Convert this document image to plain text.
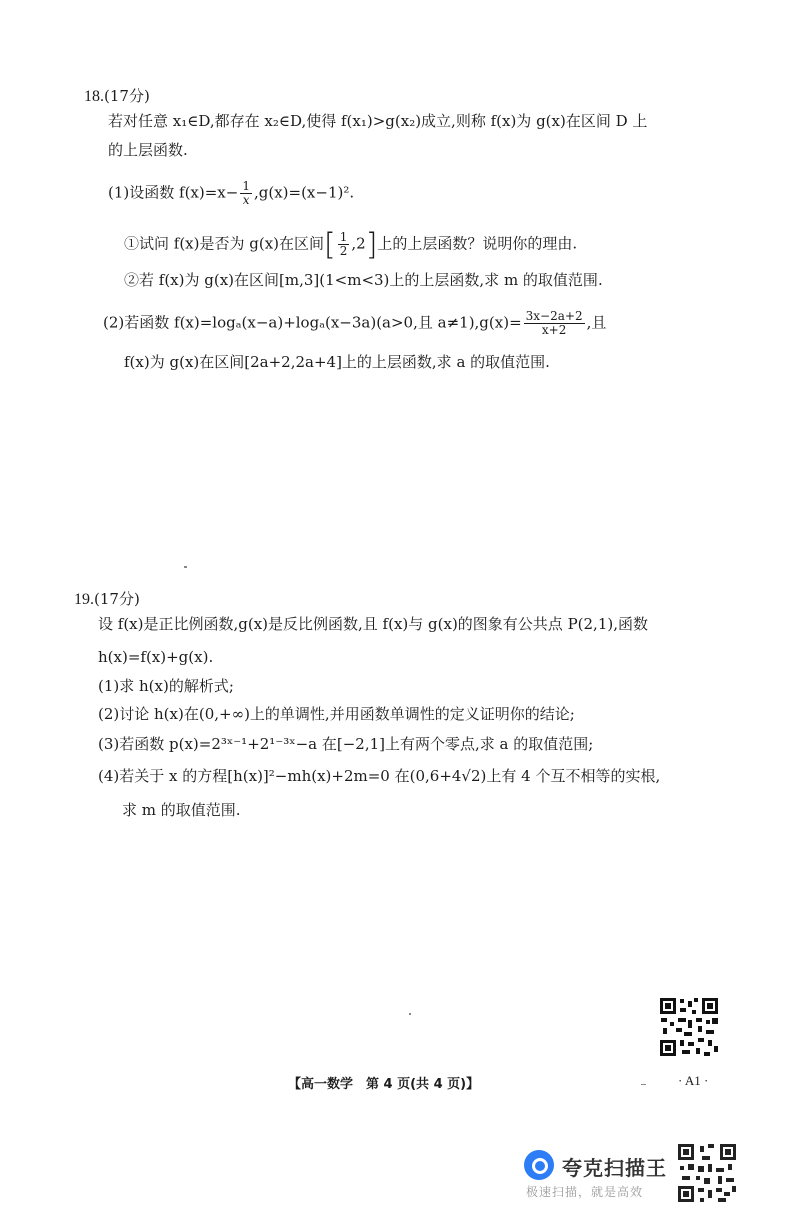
18.(17分)
若对任意 x₁∈D,都存在 x₂∈D,使得 f(x₁)>g(x₂)成立,则称 f(x)为 g(x)在区间 D 上
的上层函数.
(1)设函数 $f(x)=x- \frac{1}{x} ,g(x)=(x-1)^2$.
①试问 f(x)是否为 g(x)在区间[ $\frac{1}{2} ,2$]上的上层函数？说明你的理由.
②若 f(x)为 g(x)在区间[m,3](1<m<3)上的上层函数,求 m 的取值范围.
(2)若函数 f(x)=logₐ(x−a)+logₐ(x−3a)(a>0,且 $a\ne 1),g(x)= \frac{3x-2a+2}{x+2}$ ,且
f(x)为 g(x)在区间[2a+2,2a+4]上的上层函数,求 a 的取值范围.
19.(17分)
设 f(x)是正比例函数,g(x)是反比例函数,且 f(x)与 g(x)的图象有公共点 P(2,1),函数
h(x)=f(x)+g(x).
(1)求 h(x)的解析式;
(2)讨论 h(x)在(0,+∞)上的单调性,并用函数单调性的定义证明你的结论;
(3)若函数 p(x)=2³ˣ⁻¹+2¹⁻³ˣ−a 在[−2,1]上有两个零点,求 a 的取值范围;
(4)若关于 x 的方程[h(x)]²−mh(x)+2m=0 在(0,6+4√2)上有 4 个互不相等的实根,
求 m 的取值范围.
【高一数学　第 4 页(共 4 页)】	· A1 ·
夸克扫描王
极速扫描，就是高效
